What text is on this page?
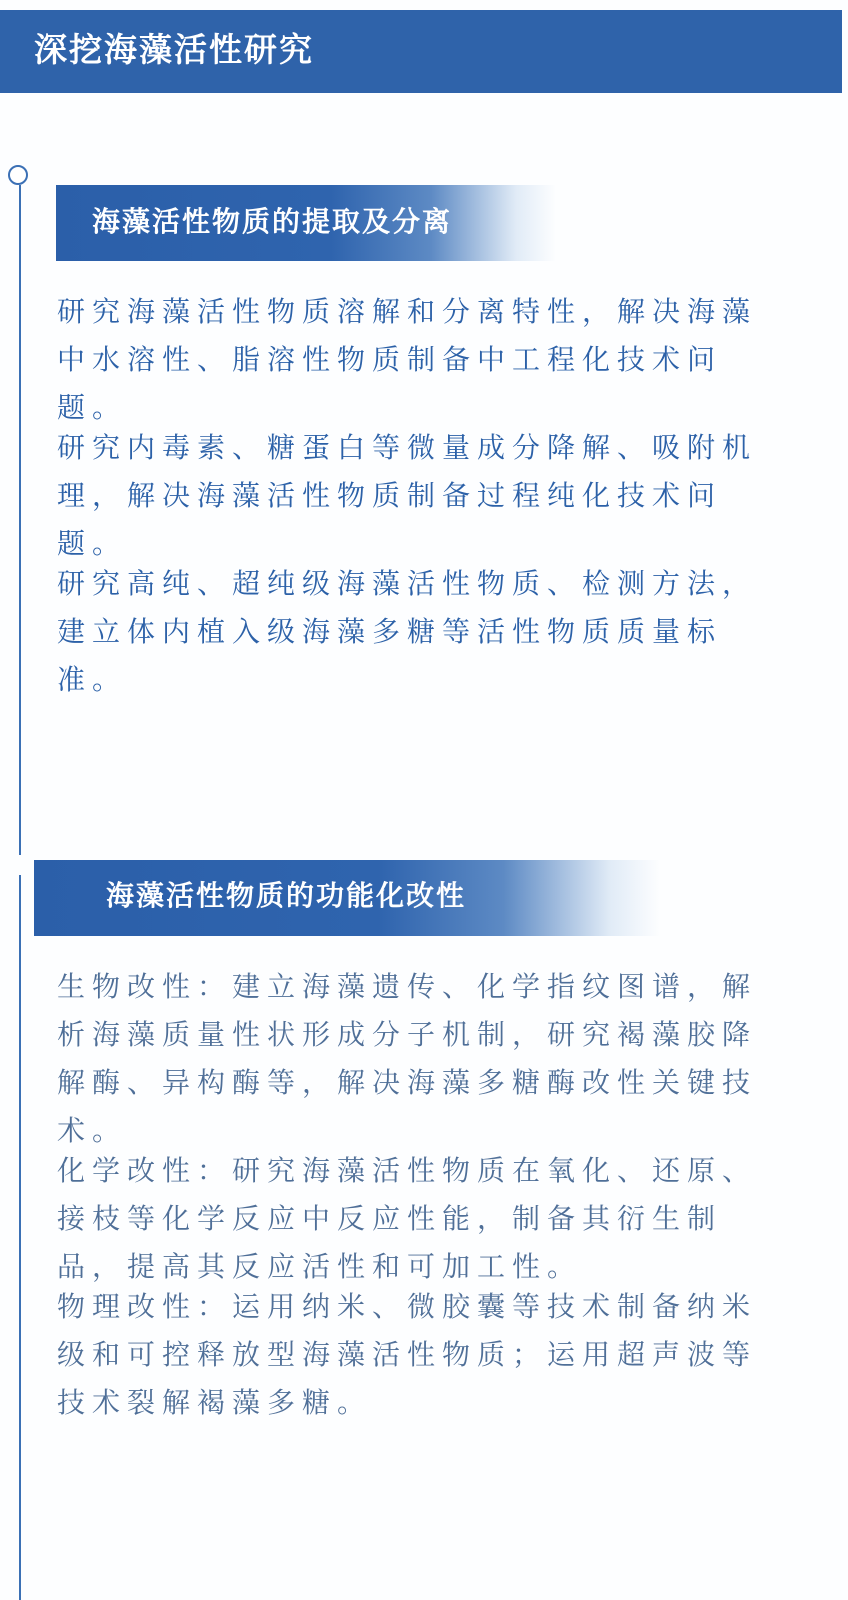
深挖海藻活性研究
海藻活性物质的提取及分离
研究海藻活性物质溶解和分离特性，解决海藻
中水溶性、脂溶性物质制备中工程化技术问
题。
研究内毒素、糖蛋白等微量成分降解、吸附机
理，解决海藻活性物质制备过程纯化技术问
题。
研究高纯、超纯级海藻活性物质、检测方法，
建立体内植入级海藻多糖等活性物质质量标
准。
海藻活性物质的功能化改性
生物改性：建立海藻遗传、化学指纹图谱，解
析海藻质量性状形成分子机制，研究褐藻胶降
解酶、异构酶等，解决海藻多糖酶改性关键技
术。
化学改性：研究海藻活性物质在氧化、还原、
接枝等化学反应中反应性能，制备其衍生制
品，提高其反应活性和可加工性。
物理改性：运用纳米、微胶囊等技术制备纳米
级和可控释放型海藻活性物质；运用超声波等
技术裂解褐藻多糖。
